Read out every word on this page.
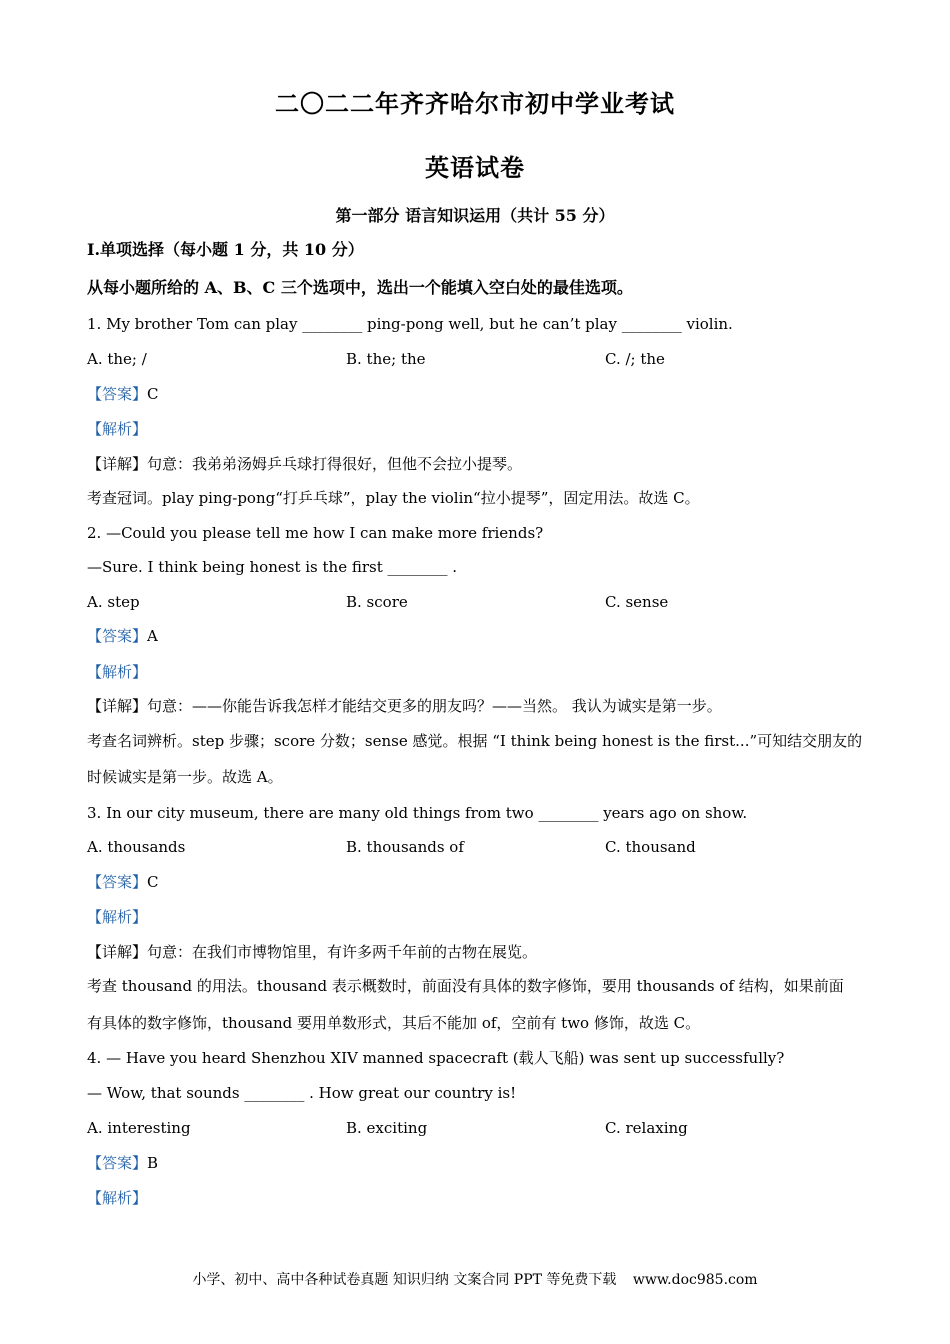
二〇二二年齐齐哈尔市初中学业考试
英语试卷
第一部分 语言知识运用（共计 55 分）
Ⅰ.单项选择（每小题 1 分，共 10 分）
从每小题所给的 A、B、C 三个选项中，选出一个能填入空白处的最佳选项。
1. My brother Tom can play ________ ping-pong well, but he can’t play ________ violin.
A. the; /	B. the; the	C. /; the
【答案】C
【解析】
【详解】句意：我弟弟汤姆乒乓球打得很好，但他不会拉小提琴。
考查冠词。play ping-pong“打乒乓球”，play the violin“拉小提琴”，固定用法。故选 C。
2. —Could you please tell me how I can make more friends?
—Sure. I think being honest is the first ________ .
A. step	B. score	C. sense
【答案】A
【解析】
【详解】句意：——你能告诉我怎样才能结交更多的朋友吗？——当然。 我认为诚实是第一步。
考查名词辨析。step 步骤；score 分数；sense 感觉。根据 “I think being honest is the first...”可知结交朋友的
时候诚实是第一步。故选 A。
3. In our city museum, there are many old things from two ________ years ago on show.
A. thousands	B. thousands of	C. thousand
【答案】C
【解析】
【详解】句意：在我们市博物馆里，有许多两千年前的古物在展览。
考查 thousand 的用法。thousand 表示概数时，前面没有具体的数字修饰，要用 thousands of 结构，如果前面
有具体的数字修饰，thousand 要用单数形式，其后不能加 of，空前有 two 修饰，故选 C。
4. — Have you heard Shenzhou XIV manned spacecraft (载人飞船) was sent up successfully?
— Wow, that sounds ________ . How great our country is!
A. interesting	B. exciting	C. relaxing
【答案】B
【解析】
小学、初中、高中各种试卷真题 知识归纳 文案合同 PPT 等免费下载 www.doc985.com
